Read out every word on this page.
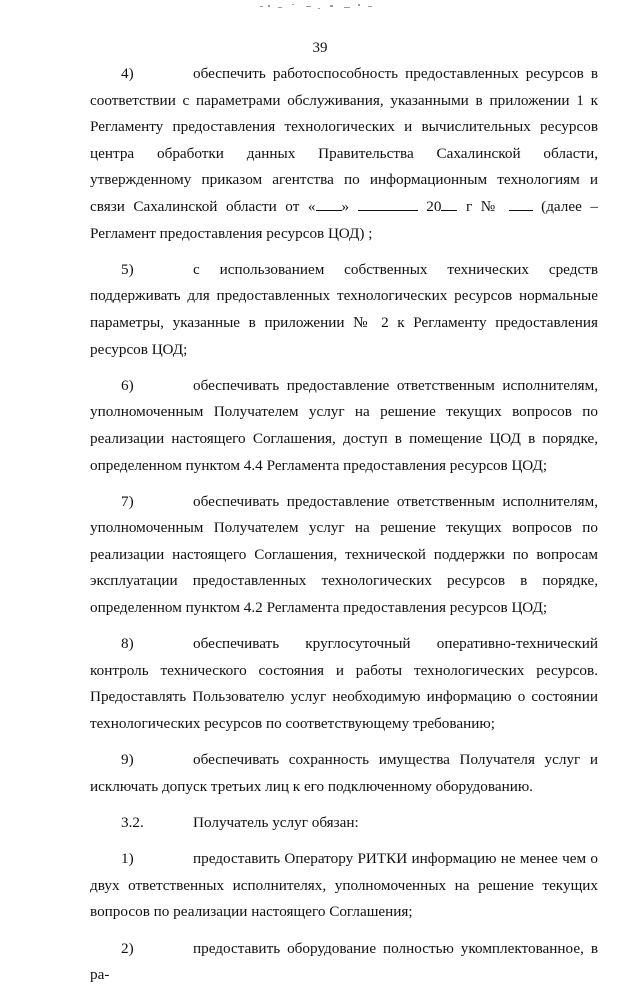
39

4)	обеспечить работоспособность предоставленных ресурсов в соответствии с параметрами обслуживания, указанными в приложении 1 к Регламенту предоставления технологических и вычислительных ресурсов центра обработки данных Правительства Сахалинской области, утвержденному приказом агентства по информационным технологиям и связи Сахалинской области от « »	20 г №	(далее – Регламент предоставления ресурсов ЦОД) ;

5)	с использованием собственных технических средств поддерживать для предоставленных технологических ресурсов нормальные параметры, указанные в приложении № 2 к Регламенту предоставления ресурсов ЦОД;

6)	обеспечивать предоставление ответственным исполнителям, уполномоченным Получателем услуг на решение текущих вопросов по реализации настоящего Соглашения, доступ в помещение ЦОД в порядке, определенном пунктом 4.4 Регламента предоставления ресурсов ЦОД;

7)	обеспечивать предоставление ответственным исполнителям, уполномоченным Получателем услуг на решение текущих вопросов по реализации настоящего Соглашения, технической поддержки по вопросам эксплуатации предоставленных технологических ресурсов в порядке, определенном пунктом 4.2 Регламента предоставления ресурсов ЦОД;

8)	обеспечивать круглосуточный оперативно-технический контроль технического состояния и работы технологических ресурсов. Предоставлять Пользователю услуг необходимую информацию о состоянии технологических ресурсов по соответствующему требованию;

9)	обеспечивать сохранность имущества Получателя услуг и исключать допуск третьих лиц к его подключенному оборудованию.

3.2.	Получатель услуг обязан:

1)	предоставить Оператору РИТКИ информацию не менее чем о двух ответственных исполнителях, уполномоченных на решение текущих вопросов по реализации настоящего Соглашения;

2)	предоставить оборудование полностью укомплектованное, в ра-
